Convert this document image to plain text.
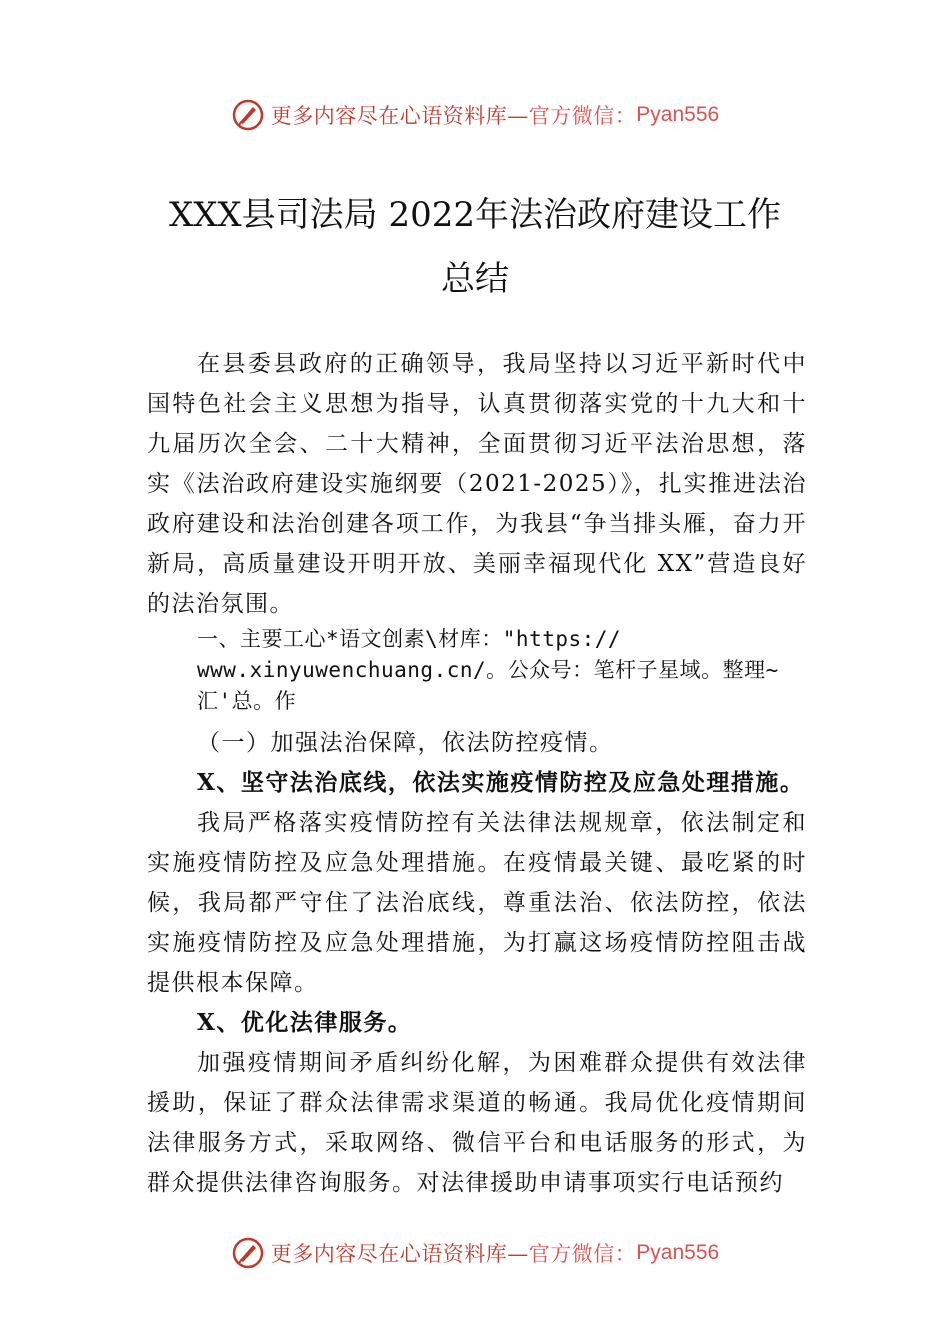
更多内容尽在心语资料库— 官方微信： Pyan556
XXX县司法局 2022年法治政府建设工作
总结

在县委县政府的正确领导，我局坚持以习近平新时代中国特色社会主义思想为指导，认真贯彻落实党的十九大和十九届历次全会、二十大精神，全面贯彻习近平法治思想，落实《法治政府建设实施纲要（2021-2025）》，扎实推进法治政府建设和法治创建各项工作，为我县“争当排头雁，奋力开新局，高质量建设开明开放、美丽幸福现代化 XX”营造良好的法治氛围。

一、主要工心*语文创素\材库："https://

www.xinyuwenchuang.cn/。公众号：笔杆子星域。整理~

汇'总。作

（一）加强法治保障，依法防控疫情。

X、坚守法治底线，依法实施疫情防控及应急处理措施。

我局严格落实疫情防控有关法律法规规章，依法制定和实施疫情防控及应急处理措施。在疫情最关键、最吃紧的时候，我局都严守住了法治底线，尊重法治、依法防控，依法实施疫情防控及应急处理措施，为打赢这场疫情防控阻击战提供根本保障。

X、优化法律服务。

加强疫情期间矛盾纠纷化解，为困难群众提供有效法律援助，保证了群众法律需求渠道的畅通。我局优化疫情期间法律服务方式，采取网络、微信平台和电话服务的形式，为群众提供法律咨询服务。对法律援助申请事项实行电话预约

更多内容尽在心语资料库— 官方微信： Pyan556
